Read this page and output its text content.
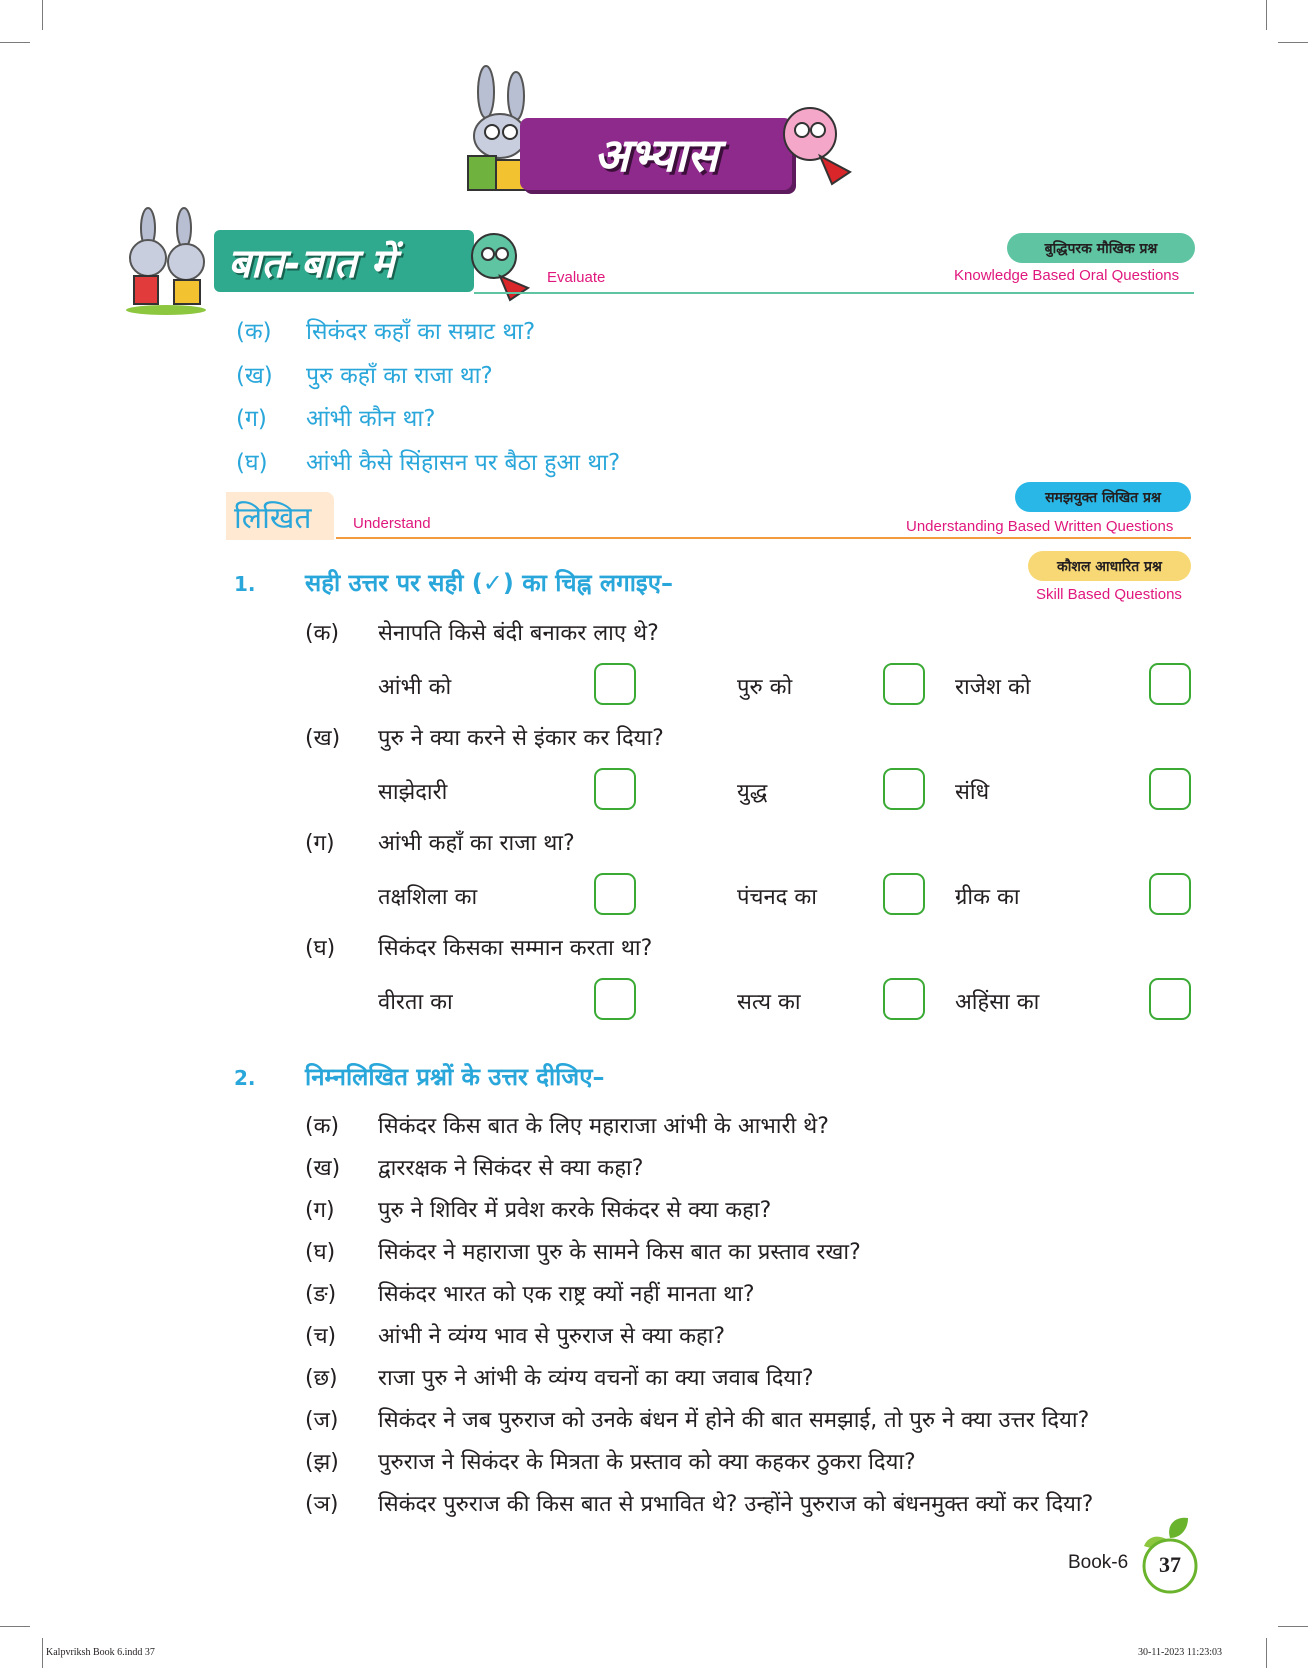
अभ्यास
बात-बात में	Evaluate
बुद्धिपरक मौखिक प्रश्न
Knowledge Based Oral Questions
(क) सिकंदर कहाँ का सम्राट था?
(ख) पुरु कहाँ का राजा था?
(ग) आंभी कौन था?
(घ) आंभी कैसे सिंहासन पर बैठा हुआ था?
लिखित	Understand
समझयुक्त लिखित प्रश्न
Understanding Based Written Questions
कौशल आधारित प्रश्न
Skill Based Questions
1. सही उत्तर पर सही (✓) का चिह्न लगाइए–
(क) सेनापति किसे बंदी बनाकर लाए थे?
आंभी को	पुरु को	राजेश को
(ख) पुरु ने क्या करने से इंकार कर दिया?
साझेदारी	युद्ध	संधि
(ग) आंभी कहाँ का राजा था?
तक्षशिला का	पंचनद का	ग्रीक का
(घ) सिकंदर किसका सम्मान करता था?
वीरता का	सत्य का	अहिंसा का
2. निम्नलिखित प्रश्नों के उत्तर दीजिए–
(क) सिकंदर किस बात के लिए महाराजा आंभी के आभारी थे?
(ख) द्वाररक्षक ने सिकंदर से क्या कहा?
(ग) पुरु ने शिविर में प्रवेश करके सिकंदर से क्या कहा?
(घ) सिकंदर ने महाराजा पुरु के सामने किस बात का प्रस्ताव रखा?
(ङ) सिकंदर भारत को एक राष्ट्र क्यों नहीं मानता था?
(च) आंभी ने व्यंग्य भाव से पुरुराज से क्या कहा?
(छ) राजा पुरु ने आंभी के व्यंग्य वचनों का क्या जवाब दिया?
(ज) सिकंदर ने जब पुरुराज को उनके बंधन में होने की बात समझाई, तो पुरु ने क्या उत्तर दिया?
(झ) पुरुराज ने सिकंदर के मित्रता के प्रस्ताव को क्या कहकर ठुकरा दिया?
(ञ) सिकंदर पुरुराज की किस बात से प्रभावित थे? उन्होंने पुरुराज को बंधनमुक्त क्यों कर दिया?
Book-6	37
Kalpvriksh Book 6.indd 37	30-11-2023 11:23:03
